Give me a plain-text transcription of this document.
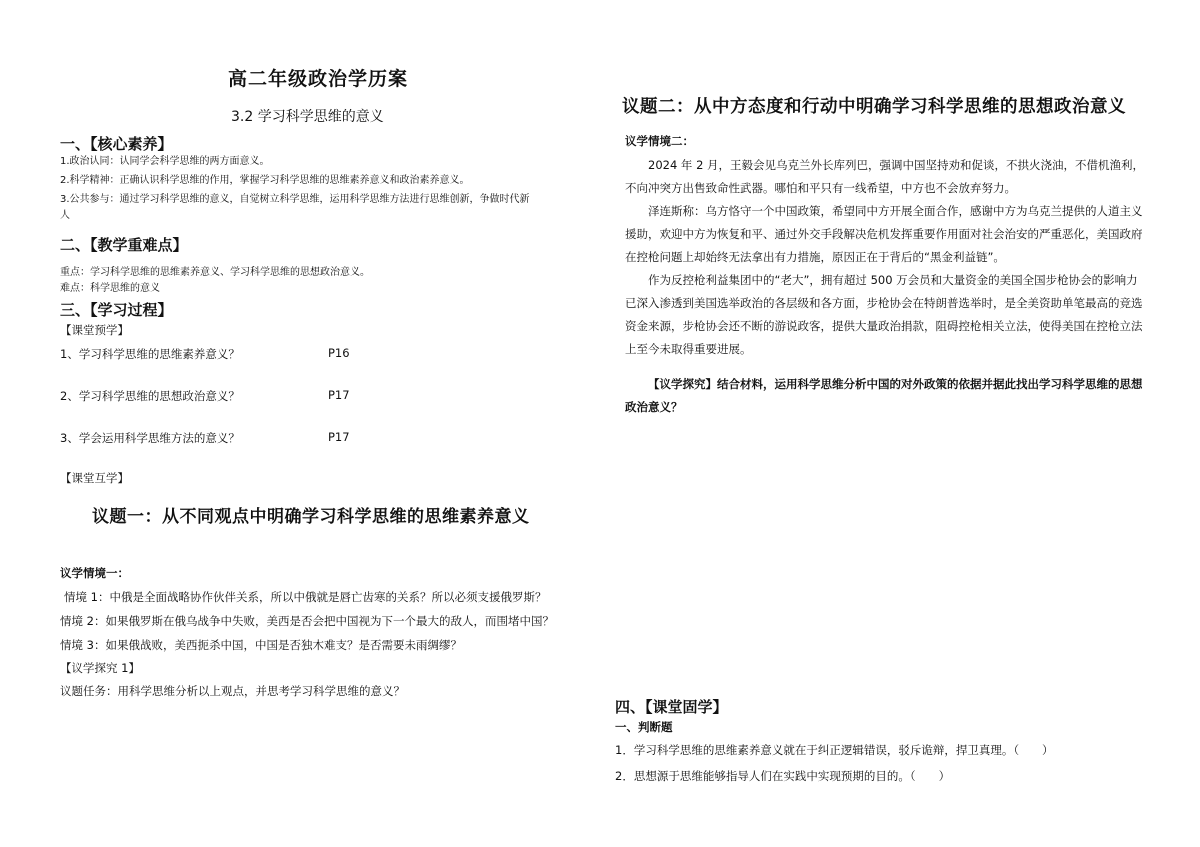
高二年级政治学历案
3.2 学习科学思维的意义
一、【核心素养】
1.政治认同：认同学会科学思维的两方面意义。
2.科学精神：正确认识科学思维的作用，掌握学习科学思维的思维素养意义和政治素养意义。
3.公共参与：通过学习科学思维的意义，自觉树立科学思维，运用科学思维方法进行思维创新，争做时代新
人
二、【教学重难点】
重点：学习科学思维的思维素养意义、学习科学思维的思想政治意义。
难点：科学思维的意义
三、【学习过程】
【课堂预学】
1、学习科学思维的思维素养意义？	P16
2、学习科学思维的思想政治意义？	P17
3、学会运用科学思维方法的意义？	P17
【课堂互学】
议题一：从不同观点中明确学习科学思维的思维素养意义
议学情境一：
情境 1：中俄是全面战略协作伙伴关系，所以中俄就是唇亡齿寒的关系？所以必须支援俄罗斯？
情境 2：如果俄罗斯在俄乌战争中失败，美西是否会把中国视为下一个最大的敌人，而围堵中国？
情境 3：如果俄战败，美西扼杀中国，中国是否独木难支？是否需要未雨绸缪？
【议学探究 1】
议题任务：用科学思维分析以上观点，并思考学习科学思维的意义？
议题二：从中方态度和行动中明确学习科学思维的思想政治意义
议学情境二：
2024 年 2 月，王毅会见乌克兰外长库列巴，强调中国坚持劝和促谈，不拱火浇油，不借机渔利，不向冲突方出售致命性武器。哪怕和平只有一线希望，中方也不会放弃努力。
泽连斯称：乌方恪守一个中国政策，希望同中方开展全面合作，感谢中方为乌克兰提供的人道主义援助，欢迎中方为恢复和平、通过外交手段解决危机发挥重要作用面对社会治安的严重恶化，美国政府在控枪问题上却始终无法拿出有力措施，原因正在于背后的“黑金利益链”。
作为反控枪利益集团中的“老大”，拥有超过 500 万会员和大量资金的美国全国步枪协会的影响力已深入渗透到美国选举政治的各层级和各方面，步枪协会在特朗普选举时，是全美资助单笔最高的竞选资金来源，步枪协会还不断的游说政客，提供大量政治捐款，阻碍控枪相关立法，使得美国在控枪立法上至今未取得重要进展。
【议学探究】结合材料，运用科学思维分析中国的对外政策的依据并据此找出学习科学思维的思想政治意义？
四、【课堂固学】
一、判断题
1．学习科学思维的思维素养意义就在于纠正逻辑错误，驳斥诡辩，捍卫真理。（　　）
2．思想源于思维能够指导人们在实践中实现预期的目的。（　　）
